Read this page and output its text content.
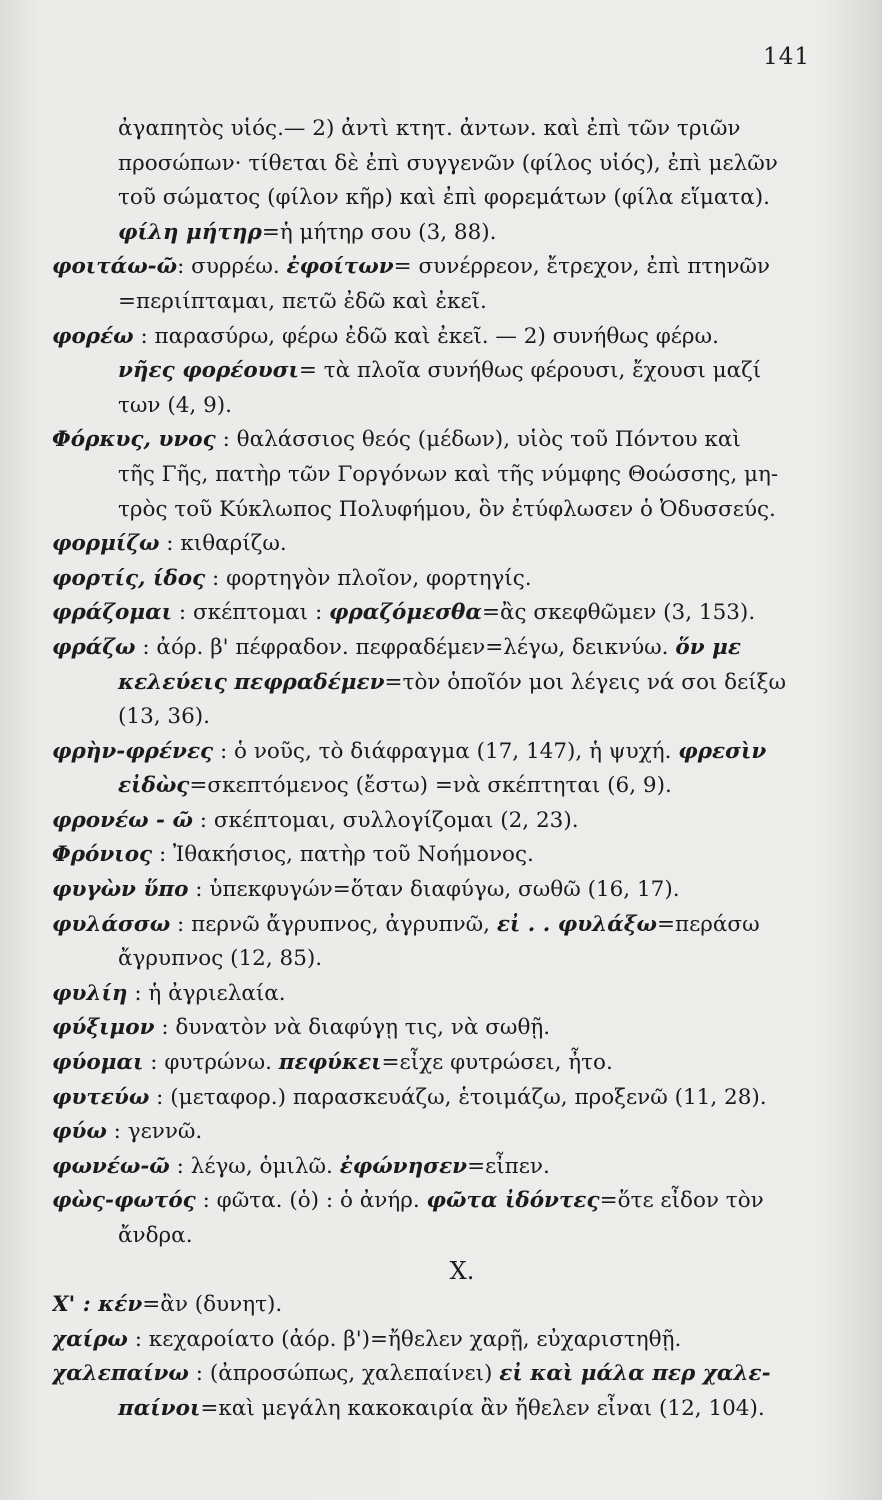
141
ἀγαπητὸς υἱός.— 2) ἀντὶ κτητ. ἀντων. καὶ ἐπὶ τῶν τριῶν
προσώπων· τίθεται δὲ ἐπὶ συγγενῶν (φίλος υἱός), ἐπὶ μελῶν
τοῦ σώματος (φίλον κῆρ) καὶ ἐπὶ φορεμάτων (φίλα εἵματα).
φίλη μήτηρ=ἡ μήτηρ σου (3, 88).
φοιτάω-ῶ: συρρέω. ἐφοίτων= συνέρρεον, ἔτρεχον, ἐπὶ πτηνῶν
=περιίπταμαι, πετῶ ἐδῶ καὶ ἐκεῖ.
φορέω : παρασύρω, φέρω ἐδῶ καὶ ἐκεῖ. — 2) συνήθως φέρω.
νῆες φορέουσι= τὰ πλοῖα συνήθως φέρουσι, ἔχουσι μαζί
των (4, 9).
Φόρκυς, υνος : θαλάσσιος θεός (μέδων), υἱὸς τοῦ Πόντου καὶ
τῆς Γῆς, πατὴρ τῶν Γοργόνων καὶ τῆς νύμφης Θοώσσης, μη-
τρὸς τοῦ Κύκλωπος Πολυφήμου, ὃν ἐτύφλωσεν ὁ Ὀδυσσεύς.
φορμίζω : κιθαρίζω.
φορτίς, ίδος : φορτηγὸν πλοῖον, φορτηγίς.
φράζομαι : σκέπτομαι : φραζόμεσθα=ἂς σκεφθῶμεν (3, 153).
φράζω : ἀόρ. β' πέφραδον. πεφραδέμεν=λέγω, δεικνύω. ὅν με
κελεύεις πεφραδέμεν=τὸν ὁποῖόν μοι λέγεις νά σοι δείξω
(13, 36).
φρὴν-φρένες : ὁ νοῦς, τὸ διάφραγμα (17, 147), ἡ ψυχή. φρεσὶν
εἰδὼς=σκεπτόμενος (ἔστω) =νὰ σκέπτηται (6, 9).
φρονέω - ῶ : σκέπτομαι, συλλογίζομαι (2, 23).
Φρόνιος : Ἰθακήσιος, πατὴρ τοῦ Νοήμονος.
φυγὼν ὕπο : ὑπεκφυγών=ὅταν διαφύγω, σωθῶ (16, 17).
φυλάσσω : περνῶ ἄγρυπνος, ἀγρυπνῶ, εἰ . . φυλάξω=περάσω
ἄγρυπνος (12, 85).
φυλίη : ἡ ἀγριελαία.
φύξιμον : δυνατὸν νὰ διαφύγῃ τις, νὰ σωθῇ.
φύομαι : φυτρώνω. πεφύκει=εἶχε φυτρώσει, ἦτο.
φυτεύω : (μεταφορ.) παρασκευάζω, ἑτοιμάζω, προξενῶ (11, 28).
φύω : γεννῶ.
φωνέω-ῶ : λέγω, ὁμιλῶ. ἐφώνησεν=εἶπεν.
φὼς-φωτός : φῶτα. (ὁ) : ὁ ἀνήρ. φῶτα ἰδόντες=ὅτε εἶδον τὸν
ἄνδρα.
X.
Χ' : κέν=ἂν (δυνητ).
χαίρω : κεχαροίατο (ἀόρ. β')=ἤθελεν χαρῇ, εὐχαριστηθῇ.
χαλεπαίνω : (ἀπροσώπως, χαλεπαίνει) εἰ καὶ μάλα περ χαλε-
παίνοι=καὶ μεγάλη κακοκαιρία ἂν ἤθελεν εἶναι (12, 104).
